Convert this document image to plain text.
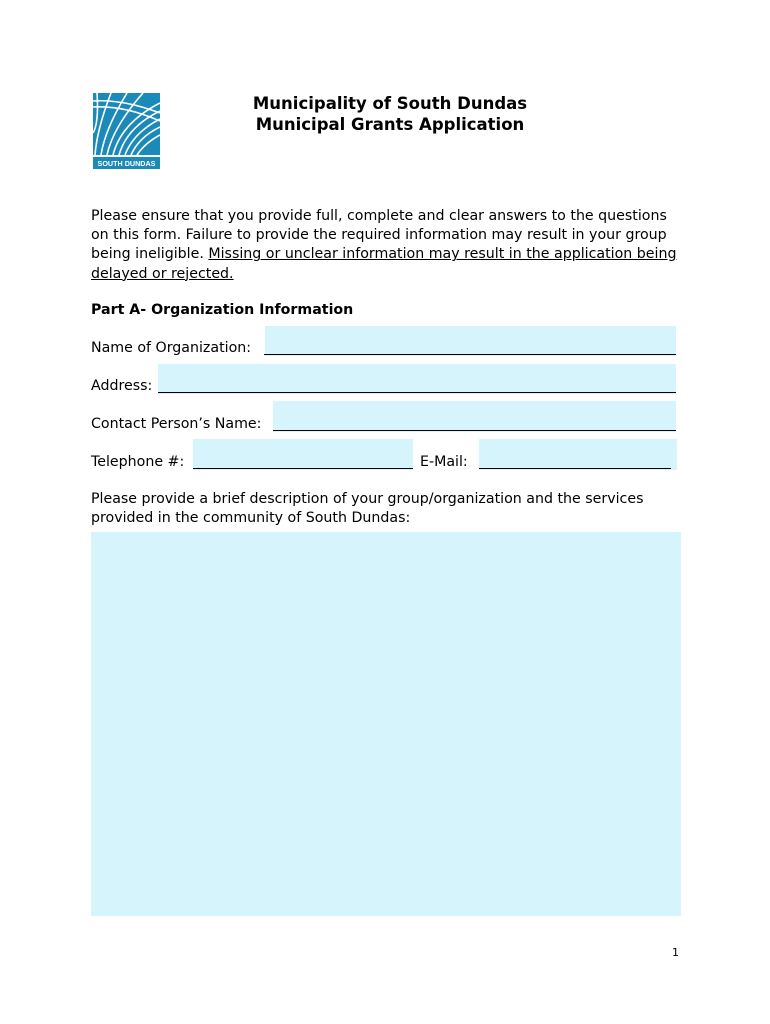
SOUTH DUNDAS
Municipality of South Dundas
Municipal Grants Application
Please ensure that you provide full, complete and clear answers to the questions on this form. Failure to provide the required information may result in your group being ineligible. Missing or unclear information may result in the application being delayed or rejected.
Part A- Organization Information
Name of Organization:
Address:
Contact Person’s Name:
Telephone #:	E-Mail:
Please provide a brief description of your group/organization and the services provided in the community of South Dundas:
1
